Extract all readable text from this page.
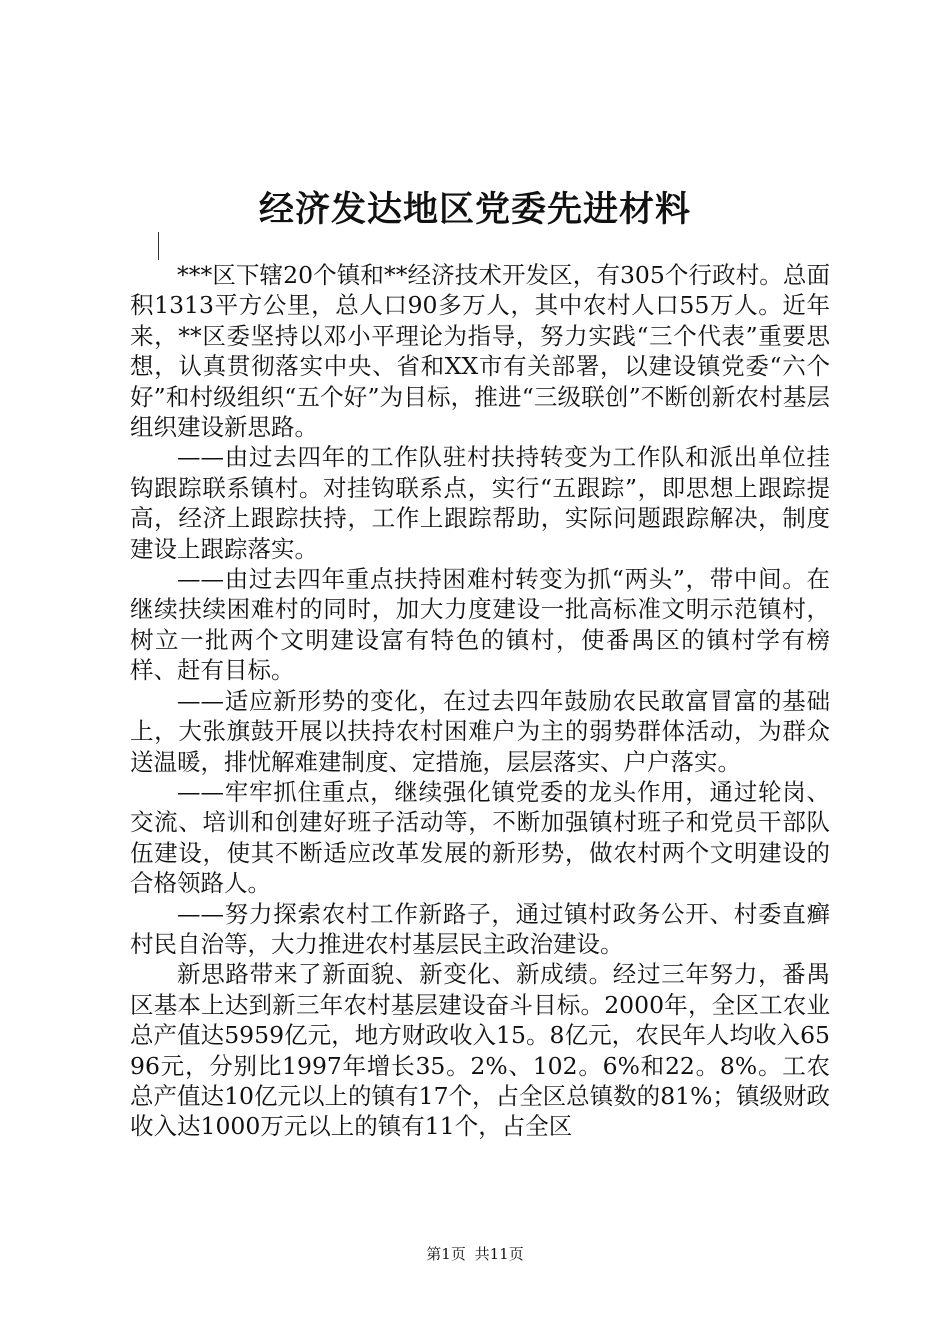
经济发达地区党委先进材料

***区下辖20个镇和**经济技术开发区，有305个行政村。总面积1313平方公里，总人口90多万人，其中农村人口55万人。近年来，**区委坚持以邓小平理论为指导，努力实践“三个代表”重要思想，认真贯彻落实中央、省和XX市有关部署，以建设镇党委“六个好”和村级组织“五个好”为目标，推进“三级联创”不断创新农村基层组织建设新思路。

——由过去四年的工作队驻村扶持转变为工作队和派出单位挂钩跟踪联系镇村。对挂钩联系点，实行“五跟踪”，即思想上跟踪提高，经济上跟踪扶持，工作上跟踪帮助，实际问题跟踪解决，制度建设上跟踪落实。

——由过去四年重点扶持困难村转变为抓“两头”，带中间。在继续扶续困难村的同时，加大力度建设一批高标准文明示范镇村，树立一批两个文明建设富有特色的镇村，使番禺区的镇村学有榜样、赶有目标。

——适应新形势的变化，在过去四年鼓励农民敢富冒富的基础上，大张旗鼓开展以扶持农村困难户为主的弱势群体活动，为群众送温暖，排忧解难建制度、定措施，层层落实、户户落实。

——牢牢抓住重点，继续强化镇党委的龙头作用，通过轮岗、交流、培训和创建好班子活动等，不断加强镇村班子和党员干部队伍建设，使其不断适应改革发展的新形势，做农村两个文明建设的合格领路人。

——努力探索农村工作新路子，通过镇村政务公开、村委直癣村民自治等，大力推进农村基层民主政治建设。

新思路带来了新面貌、新变化、新成绩。经过三年努力，番禺区基本上达到新三年农村基层建设奋斗目标。2000年，全区工农业总产值达5959亿元，地方财政收入15。8亿元，农民年人均收入6596元，分别比1997年增长35。2%、102。6%和22。8%。工农总产值达10亿元以上的镇有17个，占全区总镇数的81%；镇级财政收入达1000万元以上的镇有11个，占全区

第1页 共11页
